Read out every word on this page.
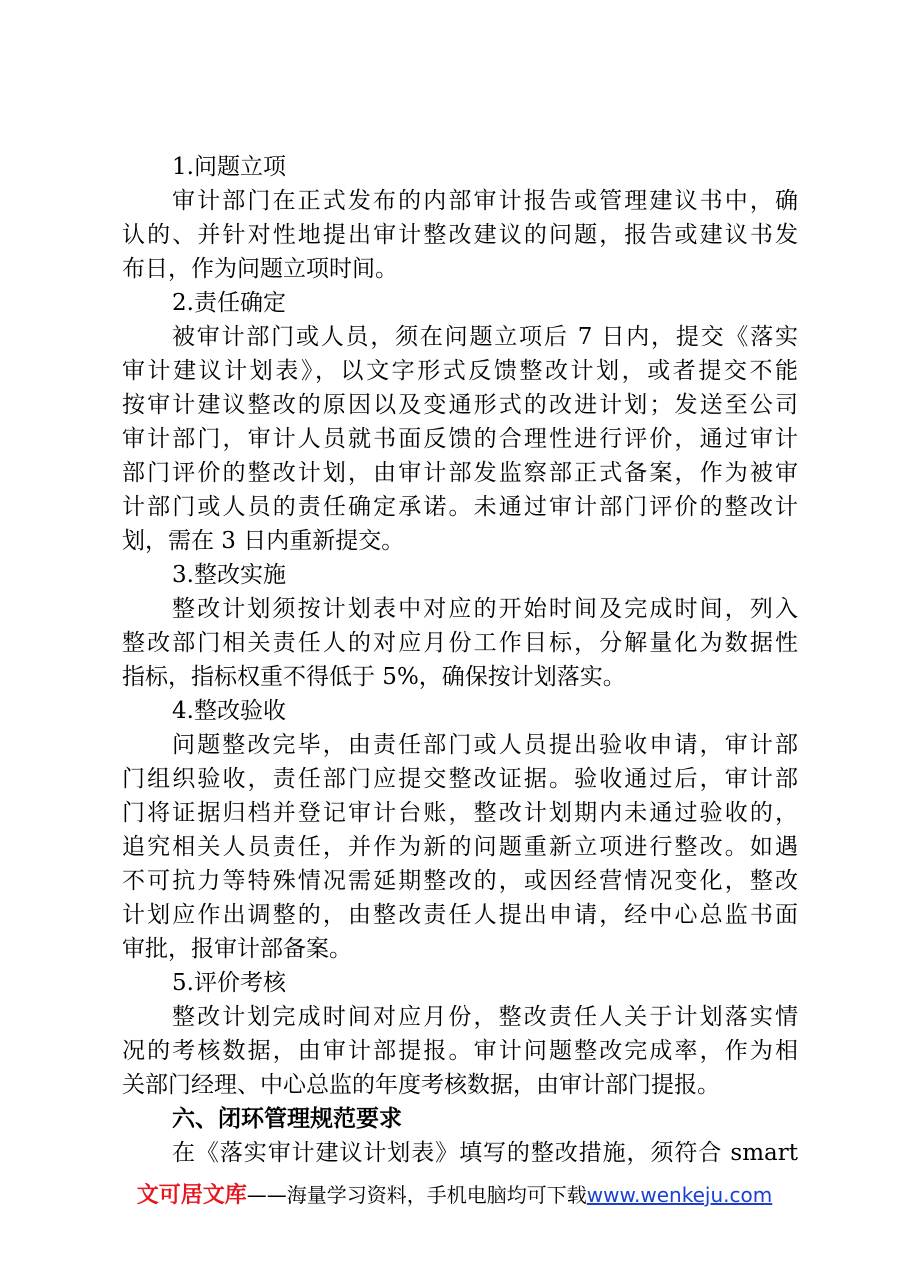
1.问题立项
审计部门在正式发布的内部审计报告或管理建议书中，确
认的、并针对性地提出审计整改建议的问题，报告或建议书发
布日，作为问题立项时间。
2.责任确定
被审计部门或人员，须在问题立项后 7 日内，提交《落实
审计建议计划表》，以文字形式反馈整改计划，或者提交不能
按审计建议整改的原因以及变通形式的改进计划；发送至公司
审计部门，审计人员就书面反馈的合理性进行评价，通过审计
部门评价的整改计划，由审计部发监察部正式备案，作为被审
计部门或人员的责任确定承诺。未通过审计部门评价的整改计
划，需在 3 日内重新提交。
3.整改实施
整改计划须按计划表中对应的开始时间及完成时间，列入
整改部门相关责任人的对应月份工作目标，分解量化为数据性
指标，指标权重不得低于 5%，确保按计划落实。
4.整改验收
问题整改完毕，由责任部门或人员提出验收申请，审计部
门组织验收，责任部门应提交整改证据。验收通过后，审计部
门将证据归档并登记审计台账，整改计划期内未通过验收的，
追究相关人员责任，并作为新的问题重新立项进行整改。如遇
不可抗力等特殊情况需延期整改的，或因经营情况变化，整改
计划应作出调整的，由整改责任人提出申请，经中心总监书面
审批，报审计部备案。
5.评价考核
整改计划完成时间对应月份，整改责任人关于计划落实情
况的考核数据，由审计部提报。审计问题整改完成率，作为相
关部门经理、中心总监的年度考核数据，由审计部门提报。
六、闭环管理规范要求
在《落实审计建议计划表》填写的整改措施，须符合 smart
文可居文库——海量学习资料，手机电脑均可下载www.wenkeju.com
